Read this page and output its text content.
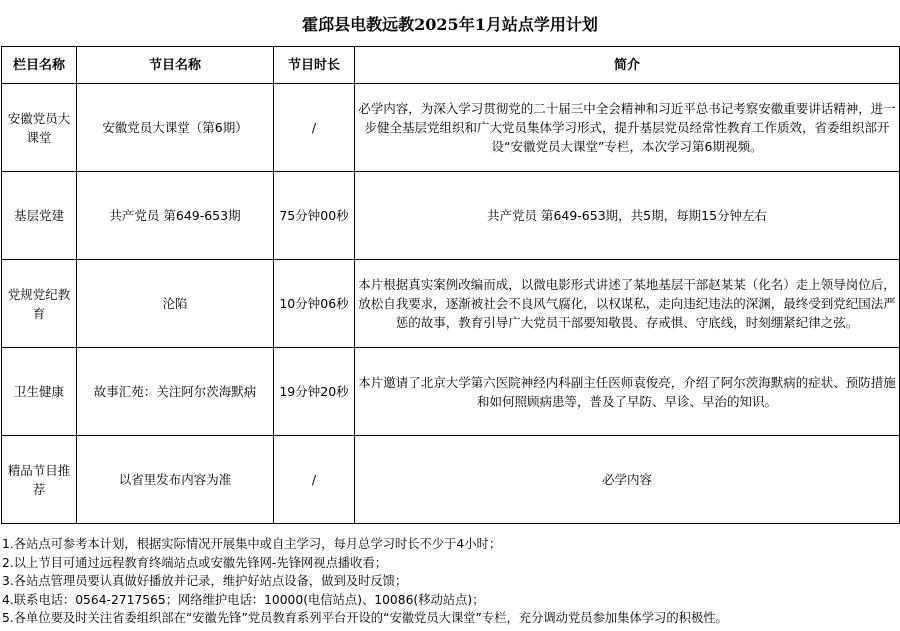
霍邱县电教远教2025年1月站点学用计划
栏目名称	节目名称	节目时长	简介
安徽党员大课堂	安徽党员大课堂（第6期）	/	必学内容，为深入学习贯彻党的二十届三中全会精神和习近平总书记考察安徽重要讲话精神，进一步健全基层党组织和广大党员集体学习形式，提升基层党员经常性教育工作质效，省委组织部开设“安徽党员大课堂”专栏，本次学习第6期视频。
基层党建	共产党员 第649-653期	75分钟00秒	共产党员 第649-653期，共5期，每期15分钟左右
党规党纪教育	沦陷	10分钟06秒	本片根据真实案例改编而成，以微电影形式讲述了某地基层干部赵某某（化名）走上领导岗位后，放松自我要求，逐渐被社会不良风气腐化，以权谋私，走向违纪违法的深渊，最终受到党纪国法严惩的故事，教育引导广大党员干部要知敬畏、存戒惧、守底线，时刻绷紧纪律之弦。
卫生健康	故事汇苑：关注阿尔茨海默病	19分钟20秒	本片邀请了北京大学第六医院神经内科副主任医师袁俊亮，介绍了阿尔茨海默病的症状、预防措施和如何照顾病患等，普及了早防、早诊、早治的知识。
精品节目推荐	以省里发布内容为准	/	必学内容
1.各站点可参考本计划，根据实际情况开展集中或自主学习，每月总学习时长不少于4小时；
2.以上节目可通过远程教育终端站点或安徽先锋网-先锋网视点播收看；
3.各站点管理员要认真做好播放并记录，维护好站点设备，做到及时反馈；
4.联系电话：0564-2717565；网络维护电话：10000(电信站点)、10086(移动站点)；
5.各单位要及时关注省委组织部在“安徽先锋”党员教育系列平台开设的“安徽党员大课堂”专栏，充分调动党员参加集体学习的积极性。
